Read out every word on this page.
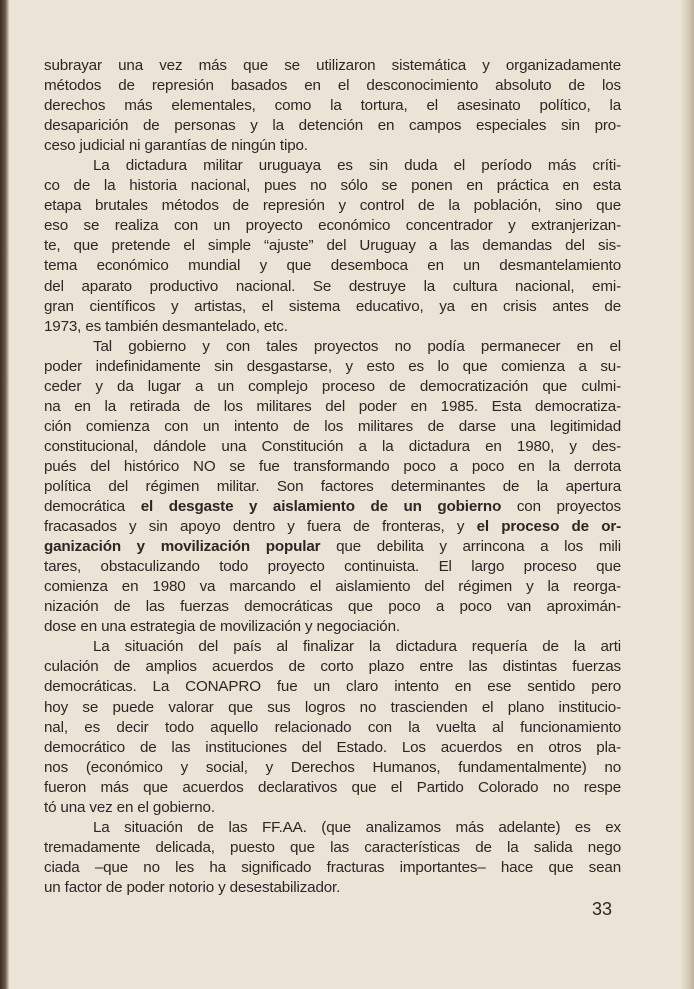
subrayar una vez más que se utilizaron sistemática y organizadamente
métodos de represión basados en el desconocimiento absoluto de los
derechos más elementales, como la tortura, el asesinato político, la
desaparición de personas y la detención en campos especiales sin pro-
ceso judicial ni garantías de ningún tipo.
La dictadura militar uruguaya es sin duda el período más críti-
co de la historia nacional, pues no sólo se ponen en práctica en esta
etapa brutales métodos de represión y control de la población, sino que
eso se realiza con un proyecto económico concentrador y extranjerizan-
te, que pretende el simple “ajuste” del Uruguay a las demandas del sis-
tema económico mundial y que desemboca en un desmantelamiento
del aparato productivo nacional. Se destruye la cultura nacional, emi-
gran científicos y artistas, el sistema educativo, ya en crisis antes de
1973, es también desmantelado, etc.
Tal gobierno y con tales proyectos no podía permanecer en el
poder indefinidamente sin desgastarse, y esto es lo que comienza a su-
ceder y da lugar a un complejo proceso de democratización que culmi-
na en la retirada de los militares del poder en 1985. Esta democratiza-
ción comienza con un intento de los militares de darse una legitimidad
constitucional, dándole una Constitución a la dictadura en 1980, y des-
pués del histórico NO se fue transformando poco a poco en la derrota
política del régimen militar. Son factores determinantes de la apertura
democrática el desgaste y aislamiento de un gobierno con proyectos
fracasados y sin apoyo dentro y fuera de fronteras, y el proceso de or-
ganización y movilización popular que debilita y arrincona a los mili
tares, obstaculizando todo proyecto continuista. El largo proceso que
comienza en 1980 va marcando el aislamiento del régimen y la reorga-
nización de las fuerzas democráticas que poco a poco van aproximán-
dose en una estrategia de movilización y negociación.
La situación del país al finalizar la dictadura requería de la arti
culación de amplios acuerdos de corto plazo entre las distintas fuerzas
democráticas. La CONAPRO fue un claro intento en ese sentido pero
hoy se puede valorar que sus logros no trascienden el plano institucio-
nal, es decir todo aquello relacionado con la vuelta al funcionamiento
democrático de las instituciones del Estado. Los acuerdos en otros pla-
nos (económico y social, y Derechos Humanos, fundamentalmente) no
fueron más que acuerdos declarativos que el Partido Colorado no respe
tó una vez en el gobierno.
La situación de las FF.AA. (que analizamos más adelante) es ex
tremadamente delicada, puesto que las características de la salida nego
ciada –que no les ha significado fracturas importantes– hace que sean
un factor de poder notorio y desestabilizador.
33
